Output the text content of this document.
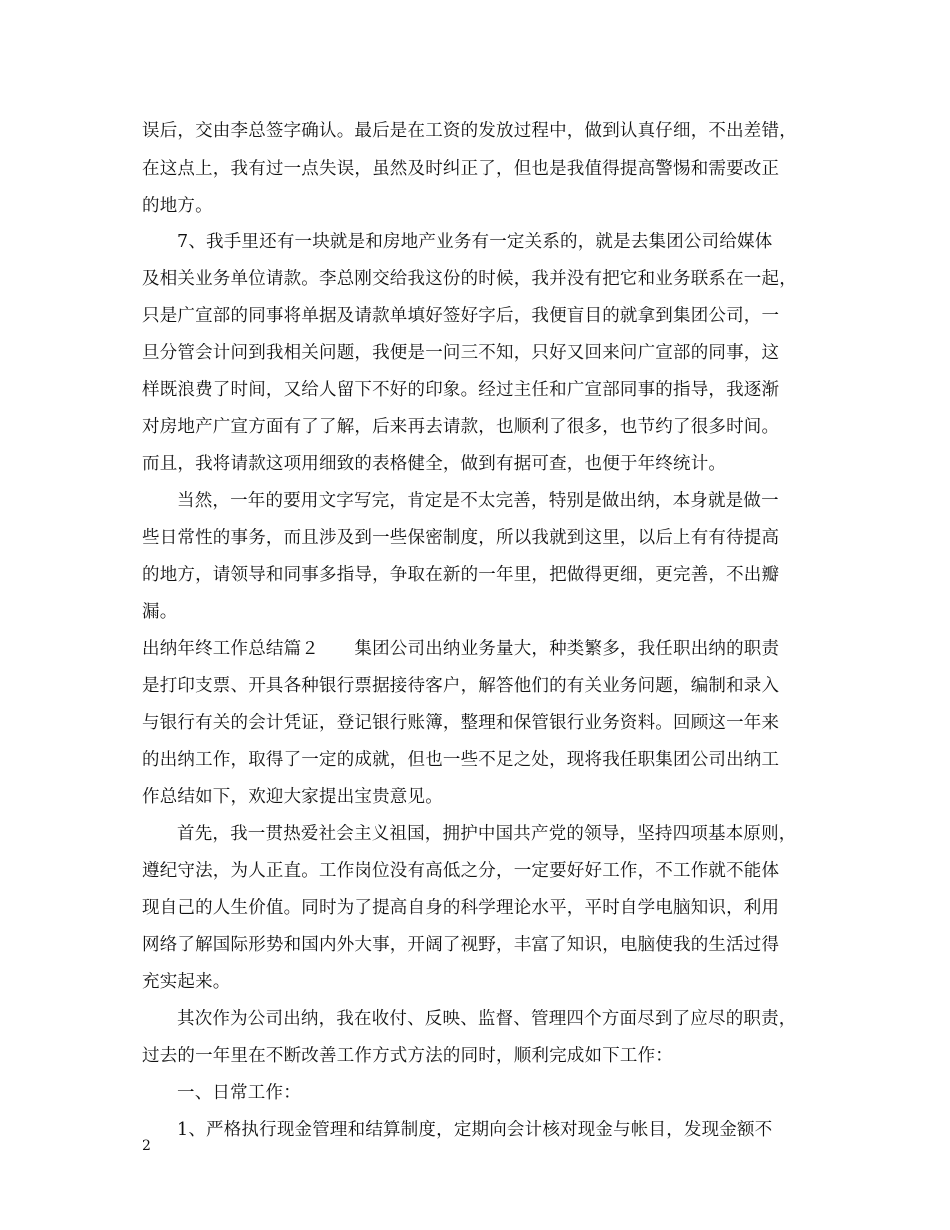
误后，交由李总签字确认。最后是在工资的发放过程中，做到认真仔细，不出差错，
在这点上，我有过一点失误，虽然及时纠正了，但也是我值得提高警惕和需要改正
的地方。
7、我手里还有一块就是和房地产业务有一定关系的，就是去集团公司给媒体
及相关业务单位请款。李总刚交给我这份的时候，我并没有把它和业务联系在一起，
只是广宣部的同事将单据及请款单填好签好字后，我便盲目的就拿到集团公司，一
旦分管会计问到我相关问题，我便是一问三不知，只好又回来问广宣部的同事，这
样既浪费了时间，又给人留下不好的印象。经过主任和广宣部同事的指导，我逐渐
对房地产广宣方面有了了解，后来再去请款，也顺利了很多，也节约了很多时间。
而且，我将请款这项用细致的表格健全，做到有据可查，也便于年终统计。
当然，一年的要用文字写完，肯定是不太完善，特别是做出纳，本身就是做一
些日常性的事务，而且涉及到一些保密制度，所以我就到这里，以后上有有待提高
的地方，请领导和同事多指导，争取在新的一年里，把做得更细，更完善，不出瓣
漏。
出纳年终工作总结篇２　　集团公司出纳业务量大，种类繁多，我任职出纳的职责
是打印支票、开具各种银行票据接待客户，解答他们的有关业务问题，编制和录入
与银行有关的会计凭证，登记银行账簿，整理和保管银行业务资料。回顾这一年来
的出纳工作，取得了一定的成就，但也一些不足之处，现将我任职集团公司出纳工
作总结如下，欢迎大家提出宝贵意见。
首先，我一贯热爱社会主义祖国，拥护中国共产党的领导，坚持四项基本原则，
遵纪守法，为人正直。工作岗位没有高低之分，一定要好好工作，不工作就不能体
现自己的人生价值。同时为了提高自身的科学理论水平，平时自学电脑知识，利用
网络了解国际形势和国内外大事，开阔了视野，丰富了知识，电脑使我的生活过得
充实起来。
其次作为公司出纳，我在收付、反映、监督、管理四个方面尽到了应尽的职责，
过去的一年里在不断改善工作方式方法的同时，顺利完成如下工作：
一、日常工作：
1、严格执行现金管理和结算制度，定期向会计核对现金与帐目，发现金额不
2
